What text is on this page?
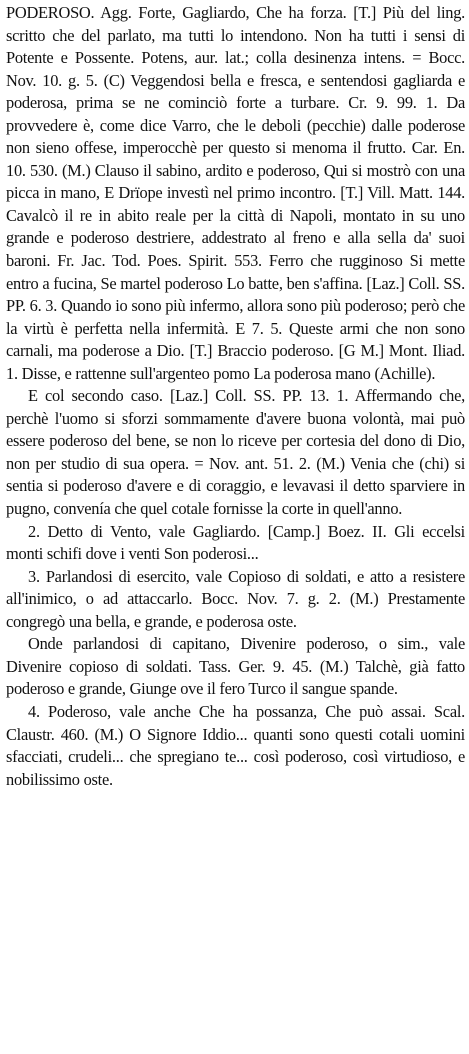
PODEROSO. Agg. Forte, Gagliardo, Che ha forza. [T.] Più del ling. scritto che del parlato, ma tutti lo intendono. Non ha tutti i sensi di Potente e Possente. Potens, aur. lat.; colla desinenza intens. = Bocc. Nov. 10. g. 5. (C) Veggendosi bella e fresca, e sentendosi gagliarda e poderosa, prima se ne cominciò forte a turbare. Cr. 9. 99. 1. Da provvedere è, come dice Varro, che le deboli (pecchie) dalle poderose non sieno offese, imperocchè per questo si menoma il frutto. Car. En. 10. 530. (M.) Clauso il sabino, ardito e poderoso, Qui si mostrò con una picca in mano, E Drïope investì nel primo incontro. [T.] Vill. Matt. 144. Cavalcò il re in abito reale per la città di Napoli, montato in su uno grande e poderoso destriere, addestrato al freno e alla sella da' suoi baroni. Fr. Jac. Tod. Poes. Spirit. 553. Ferro che rugginoso Si mette entro a fucina, Se martel poderoso Lo batte, ben s'affina. [Laz.] Coll. SS. PP. 6. 3. Quando io sono più infermo, allora sono più poderoso; però che la virtù è perfetta nella infermità. E 7. 5. Queste armi che non sono carnali, ma poderose a Dio. [T.] Braccio poderoso. [G M.] Mont. Iliad. 1. Disse, e rattenne sull'argenteo pomo La poderosa mano (Achille).

E col secondo caso. [Laz.] Coll. SS. PP. 13. 1. Affermando che, perchè l'uomo si sforzi sommamente d'avere buona volontà, mai può essere poderoso del bene, se non lo riceve per cortesia del dono di Dio, non per studio di sua opera. = Nov. ant. 51. 2. (M.) Venia che (chi) si sentia si poderoso d'avere e di coraggio, e levavasi il detto sparviere in pugno, convenía che quel cotale fornisse la corte in quell'anno.

2. Detto di Vento, vale Gagliardo. [Camp.] Boez. II. Gli eccelsi monti schifi dove i venti Son poderosi...

3. Parlandosi di esercito, vale Copioso di soldati, e atto a resistere all'inimico, o ad attaccarlo. Bocc. Nov. 7. g. 2. (M.) Prestamente congregò una bella, e grande, e poderosa oste.

Onde parlandosi di capitano, Divenire poderoso, o sim., vale Divenire copioso di soldati. Tass. Ger. 9. 45. (M.) Talchè, già fatto poderoso e grande, Giunge ove il fero Turco il sangue spande.

4. Poderoso, vale anche Che ha possanza, Che può assai. Scal. Claustr. 460. (M.) O Signore Iddio... quanti sono questi cotali uomini sfacciati, crudeli... che spregiano te... così poderoso, così virtudioso, e nobilissimo oste.
